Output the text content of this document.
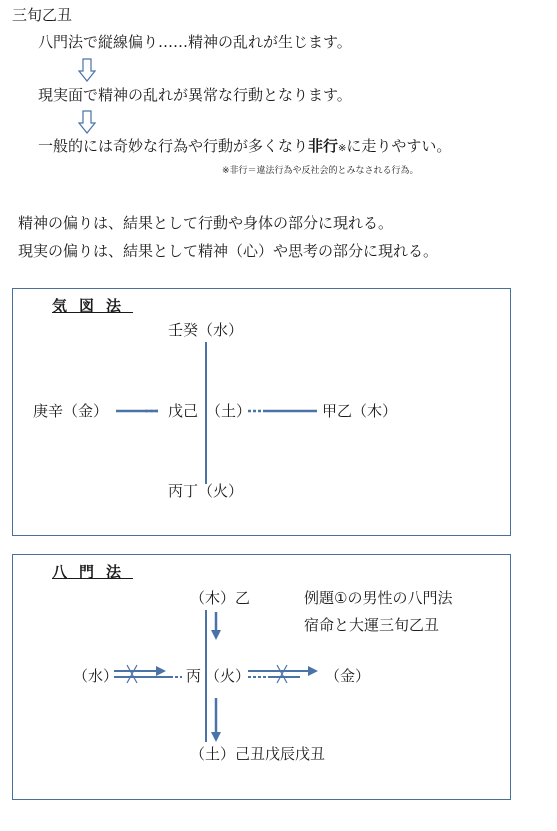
三旬乙丑
八門法で縦線偏り……精神の乱れが生じます。
現実面で精神の乱れが異常な行動となります。
一般的には奇妙な行為や行動が多くなり非行※に走りやすい。
※非行＝違法行為や反社会的とみなされる行為。
精神の偏りは、結果として行動や身体の部分に現れる。
現実の偏りは、結果として精神（心）や思考の部分に現れる。
気図法
壬癸（水）
庚辛（金）	戊己 （土）	甲乙（木）
丙丁（火）
八門法
（木）乙	例題①の男性の八門法
宿命と大運三旬乙丑
（水）	丙 （火）	（金）
（土）己丑戊辰戊丑
